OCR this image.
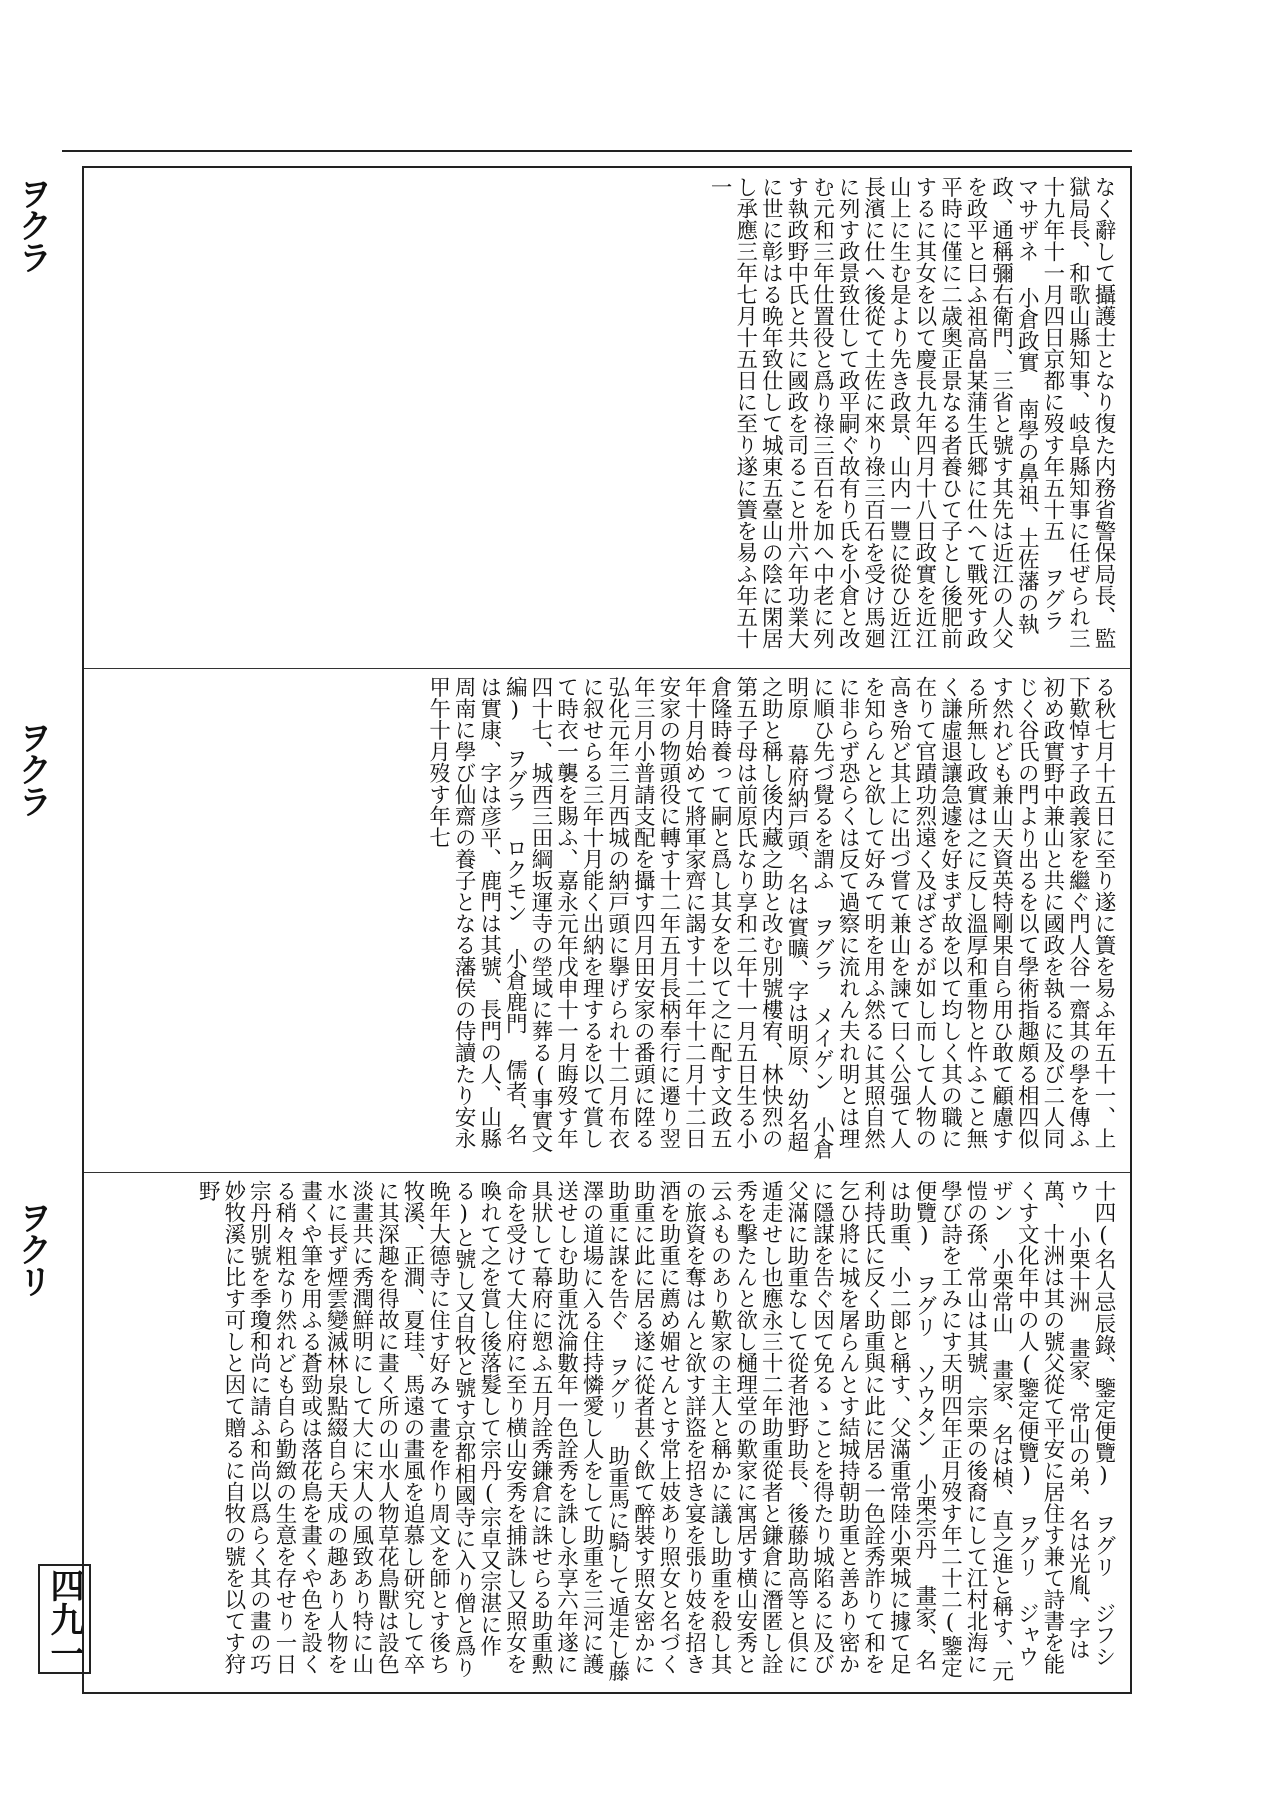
ヲクラ
ヲクラ
ヲクリ
四九一

なく辭して攝護士となり復た内務省警保局長、監獄局長、和歌山縣知事、岐阜縣知事に任ぜられ三十九年十一月四日京都に歿す年五十五 ヲグラ マサザネ 小倉政實 南學の鼻祖、土佐藩の執政、通稱彌右衛門、三省と號す其先は近江の人父を政平と曰ふ祖高畠某蒲生氏郷に仕へて戰死す政平時に僅に二歳奥正景なる者養ひて子とし後肥前するに其女を以て慶長九年四月十八日政實を近江山上に生む是より先き政景、山内一豐に從ひ近江長濱に仕へ後從て土佐に來り祿三百石を受け馬廻に列す政景致仕して政平嗣ぐ故有り氏を小倉と改む元和三年仕置役と爲り祿三百石を加へ中老に列す執政野中氏と共に國政を司ること卅六年功業大に世に彰はる晩年致仕して城東五臺山の陰に閑居し承應三年七月十五日に至り遂に簀を易ふ年五十一

る秋七月十五日に至り遂に簀を易ふ年五十一、上下歎悼す子政義家を繼ぐ門人谷一齋其の學を傳ふ初め政實野中兼山と共に國政を執るに及び二人同じく谷氏の門より出るを以て學術指趣頗る相四似す然れども兼山天資英特剛果自ら用ひ敢て顧慮する所無し政實は之に反し溫厚和重物と忤ふこと無く謙虛退讓急遽を好まず故を以て均しく其の職に在りて官蹟功烈遠く及ばざるが如し而して人物の高き殆ど其上に出づ嘗て兼山を諫て曰く公强て人を知らんと欲して好みて明を用ふ然るに其照自然に非らず恐らくは反て過察に流れん夫れ明とは理に順ひ先づ覺るを謂ふ ヲグラ メイゲン 小倉明原 幕府納戸頭、名は實曠、字は明原、幼名超之助と稱し後内藏之助と改む別號樓宥、林快烈の第五子母は前原氏なり享和二年十一月五日生る小倉隆時養って嗣と爲し其女を以て之に配す文政五年十月始めて將軍家齊に謁す十二年十二月十二日安家の物頭役に轉す十二年五月長柄奉行に遷り翌年三月小普請支配を攝す四月田安家の番頭に陞る弘化元年三月西城の納戸頭に擧げられ十二月布衣に叙せらる三年十月能く出納を理するを以て賞して時衣一襲を賜ふ、嘉永元年戊申十一月晦歿す年四十七、城西三田綱坂運寺の塋域に葬る(事實文編) ヲグラ ロクモン 小倉鹿門 儒者、名は實康、字は彦平、鹿門は其號、長門の人、山縣周南に學び仙齋の養子となる藩侯の侍讀たり安永甲午十月歿す年七

十四(名人忌辰錄、鑒定便覽) ヲグリ ジフシウ 小栗十洲 畫家、常山の弟、名は光胤、字は萬、十洲は其の號父從て平安に居住す兼て詩書を能くす文化年中の人(鑒定便覽) ヲグリ ジャウザン 小栗常山 畫家、名は楨、直之進と稱す、元愷の孫、常山は其號、宗栗の後裔にして江村北海に學び詩を工みにす天明四年正月歿す年二十二(鑒定便覽) ヲグリ ソウタン 小栗宗丹 畫家、名は助重、小二郞と稱す、父滿重常陸小栗城に據て足利持氏に反く助重與に此に居る一色詮秀詐りて和を乞ひ將に城を屠らんとす結城持朝助重と善あり密かに隱謀を告ぐ因て免るゝことを得たり城陷るに及び父滿に助重なして從者池野助長、後藤助高等と倶に遁走せし也應永三十二年助重從者と鎌倉に潛匿し詮秀を擊たんと欲し樋理堂の歎家に寓居す横山安秀と云ふものあり歎家の主人と稱かに議し助重を殺し其の旅資を奪はんと欲す詳盜を招き宴を張り妓を招き酒を助重に薦め媚せんとす常上妓あり照女と名づく助重に此に居る遂に從者甚く飲て醉裝す照女密かに助重に謀を告ぐ ヲグリ 助重馬に騎して遁走し藤澤の道場に入る住持憐愛し人をして助重を三河に護送せしむ助重沈淪數年一色詮秀を誅し永享六年遂に具狀して幕府に愬ふ五月詮秀鎌倉に誅せらる助重勲命を受けて大住府に至り横山安秀を捕誅し又照女を喚れて之を賞し後落髮して宗丹(宗卓又宗湛に作る)と號し又自牧と號す京都相國寺に入り僧と爲り晩年大德寺に住す好みて畫を作り周文を師とす後ち牧溪、正澗、夏珪、馬遠の畫風を追慕し研究して卒に其深趣を得故に畫く所の山水人物草花鳥獸は設色淡畫共に秀潤鮮明にして大に宋人の風致あり特に山水に長ず煙雲變滅林泉點綴自ら天成の趣あり人物を畫くや筆を用ふる蒼勁或は落花鳥を畫くや色を設くる稍々粗なり然れども自ら勤緻の生意を存せり一日宗丹別號を季瓊和尚に請ふ和尚以爲らく其の畫の巧妙牧溪に比す可しと因て贈るに自牧の號を以てす狩野
